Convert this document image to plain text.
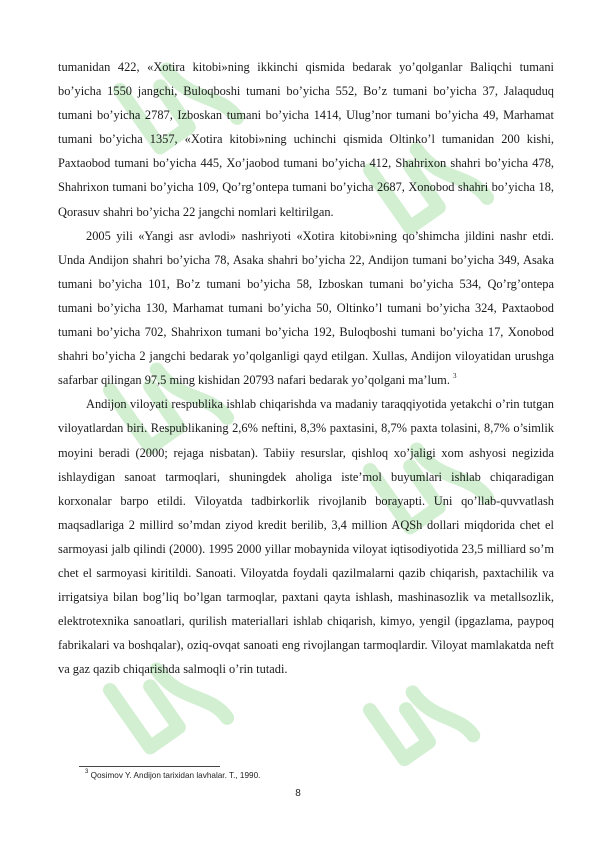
tumanidan 422, «Xotira kitobi»ning ikkinchi qismida bedarak yo’qolganlar Baliqchi tumani bo’yicha 1550 jangchi, Buloqboshi tumani bo’yicha 552, Bo’z tumani bo’yicha 37, Jalaquduq tumani bo’yicha 2787, Izboskan tumani bo’yicha 1414, Ulug’nor tumani bo’yicha 49, Marhamat tumani bo’yicha 1357, «Xotira kitobi»ning uchinchi qismida Oltinko’l tumanidan 200 kishi, Paxtaobod tumani bo’yicha 445, Xo’jaobod tumani bo’yicha 412, Shahrixon shahri bo’yicha 478, Shahrixon tumani bo’yicha 109, Qo’rg’ontepa tumani bo’yicha 2687, Xonobod shahri bo’yicha 18, Qorasuv shahri bo’yicha 22 jangchi nomlari keltirilgan.

2005 yili «Yangi asr avlodi» nashriyoti «Xotira kitobi»ning qo’shimcha jildini nashr etdi. Unda Andijon shahri bo’yicha 78, Asaka shahri bo’yicha 22, Andijon tumani bo’yicha 349, Asaka tumani bo’yicha 101, Bo’z tumani bo’yicha 58, Izboskan tumani bo’yicha 534, Qo’rg’ontepa tumani bo’yicha 130, Marhamat tumani bo’yicha 50, Oltinko’l tumani bo’yicha 324, Paxtaobod tumani bo’yicha 702, Shahrixon tumani bo’yicha 192, Buloqboshi tumani bo’yicha 17, Xonobod shahri bo’yicha 2 jangchi bedarak yo’qolganligi qayd etilgan. Xullas, Andijon viloyatidan urushga safarbar qilingan 97,5 ming kishidan 20793 nafari bedarak yo’qolgani ma’lum. $^3$

Andijon viloyati respublika ishlab chiqarishda va madaniy taraqqiyotida yetakchi o’rin tutgan viloyatlardan biri. Respublikaning 2,6% neftini, 8,3% paxtasini, 8,7% paxta tolasini, 8,7% o’simlik moyini beradi (2000; rejaga nisbatan). Tabiiy resurslar, qishloq xo’jaligi xom ashyosi negizida ishlaydigan sanoat tarmoqlari, shuningdek aholiga iste’mol buyumlari ishlab chiqaradigan korxonalar barpo etildi. Viloyatda tadbirkorlik rivojlanib borayapti. Uni qo’llab-quvvatlash maqsadlariga 2 millird so’mdan ziyod kredit berilib, 3,4 million AQSh dollari miqdorida chet el sarmoyasi jalb qilindi (2000). 1995 2000 yillar mobaynida viloyat iqtisodiyotida 23,5 milliard so’m chet el sarmoyasi kiritildi. Sanoati. Viloyatda foydali qazilmalarni qazib chiqarish, paxtachilik va irrigatsiya bilan bog’liq bo’lgan tarmoqlar, paxtani qayta ishlash, mashinasozlik va metallsozlik, elektrotexnika sanoatlari, qurilish materiallari ishlab chiqarish, kimyo, yengil (ipgazlama, paypoq fabrikalari va boshqalar), oziq-ovqat sanoati eng rivojlangan tarmoqlardir. Viloyat mamlakatda neft va gaz qazib chiqarishda salmoqli o’rin tutadi.

$^3$ Qosimov Y. Andijon tarixidan lavhalar. T., 1990.
8
